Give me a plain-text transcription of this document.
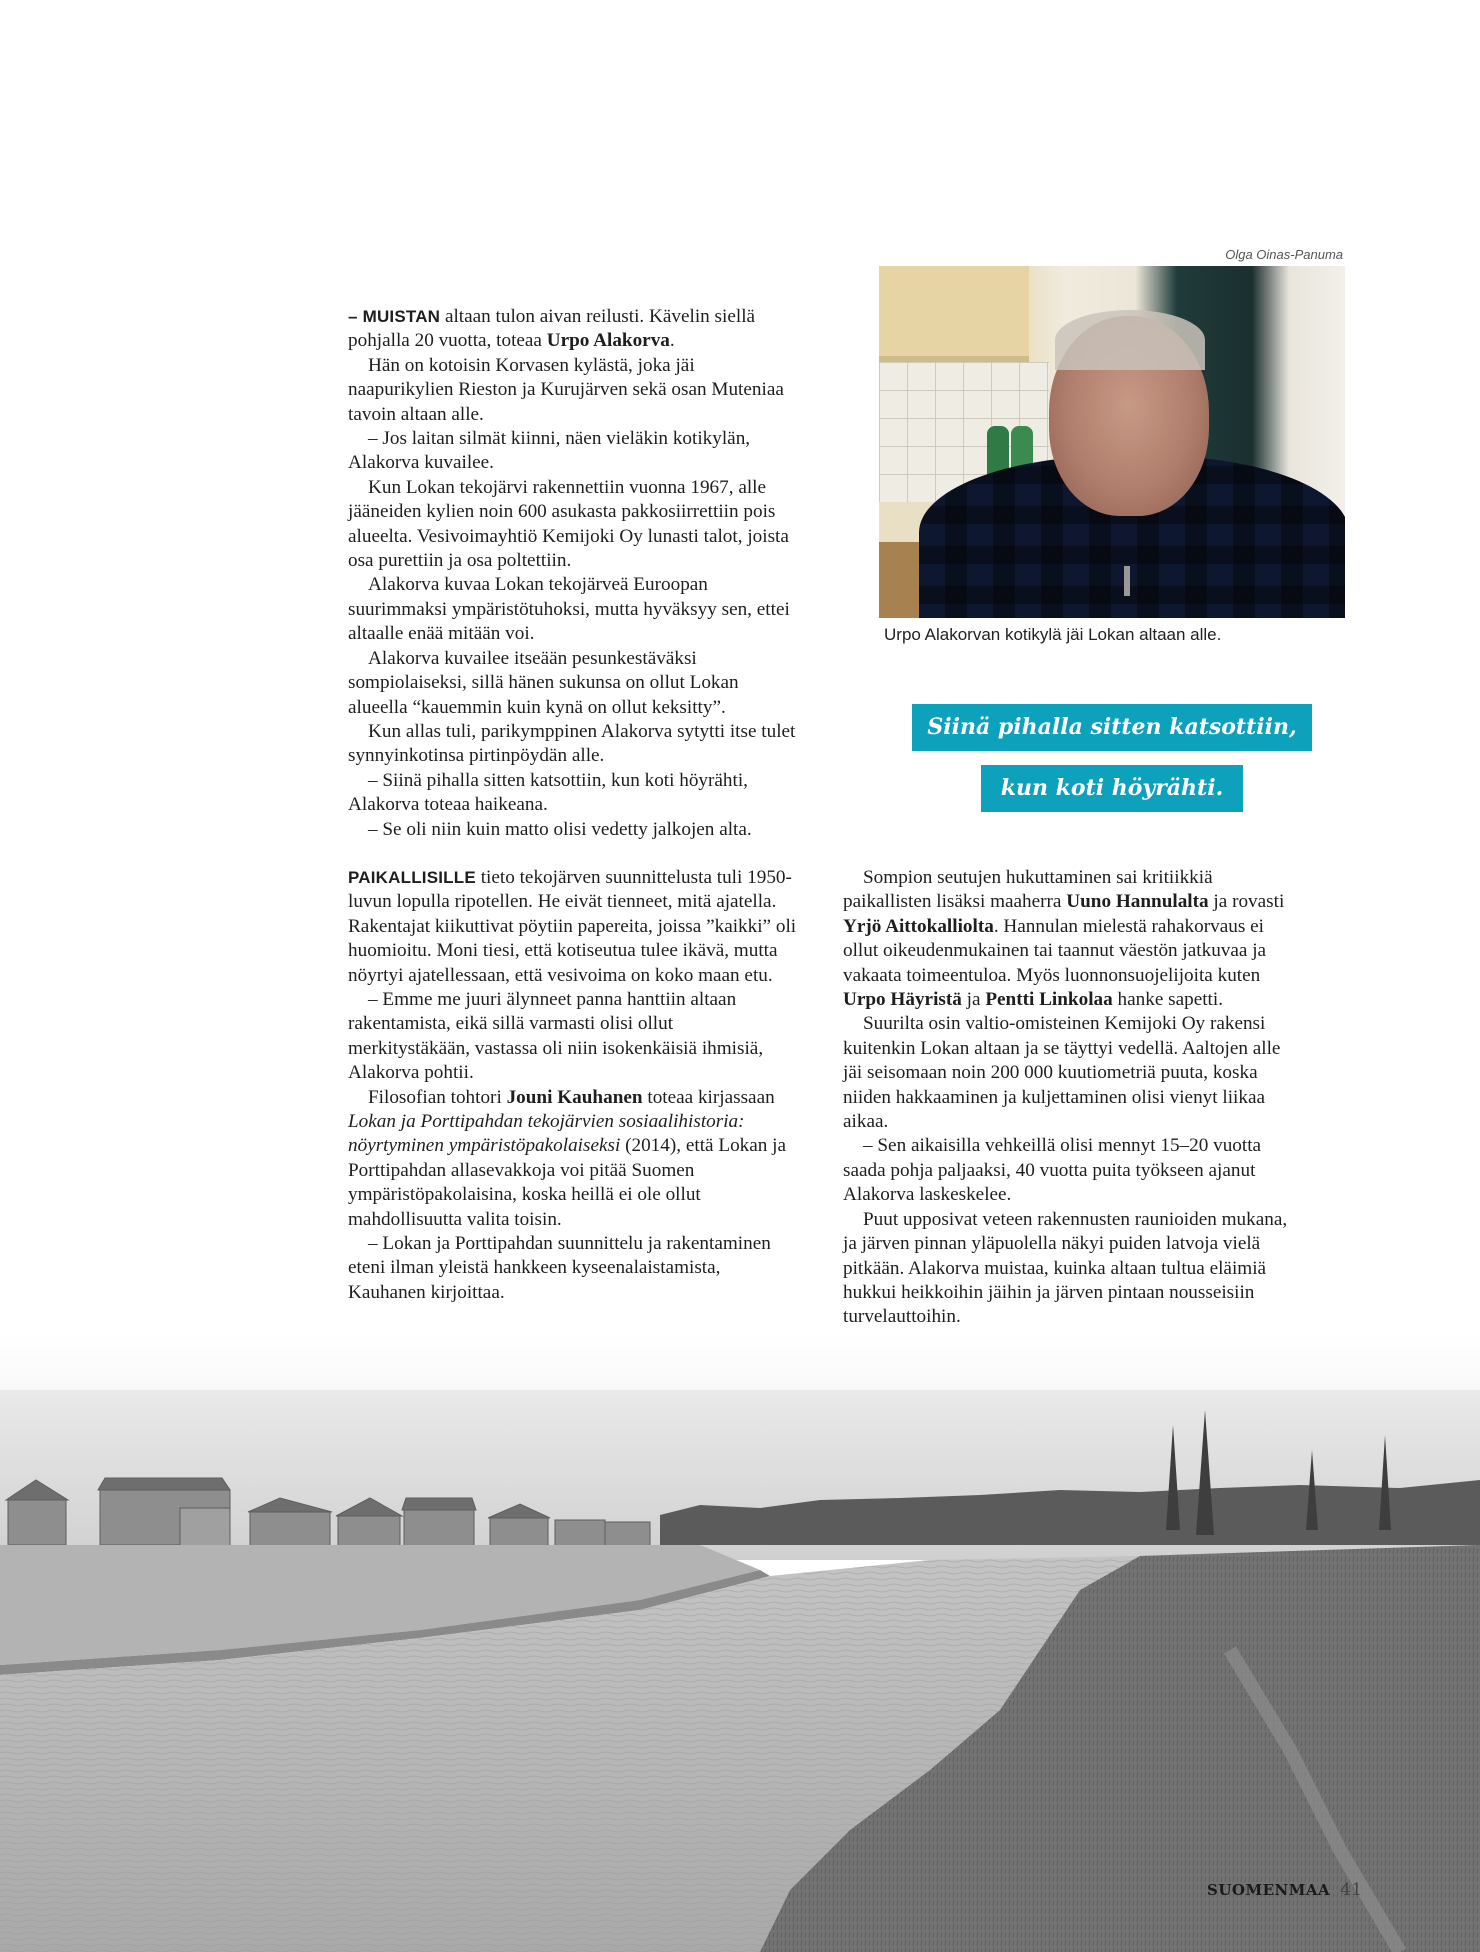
Olga Oinas-Panuma
Urpo Alakorvan kotikylä jäi Lokan altaan alle.
Siinä pihalla sitten katsottiin,
kun koti höyrähti.

– MUISTAN altaan tulon aivan reilusti. Kävelin siellä pohjalla 20 vuotta, toteaa Urpo Alakorva.

Hän on kotoisin Korvasen kylästä, joka jäi naapurikylien Rieston ja Kurujärven sekä osan Muteniaa tavoin altaan alle.

– Jos laitan silmät kiinni, näen vieläkin kotikylän, Alakorva kuvailee.

Kun Lokan tekojärvi rakennettiin vuonna 1967, alle jääneiden kylien noin 600 asukasta pakkosiirrettiin pois alueelta. Vesivoimayhtiö Kemijoki Oy lunasti talot, joista osa purettiin ja osa poltettiin.

Alakorva kuvaa Lokan tekojärveä Euroopan suurimmaksi ympäristötuhoksi, mutta hyväksyy sen, ettei altaalle enää mitään voi.

Alakorva kuvailee itseään pesunkestäväksi sompiolaiseksi, sillä hänen sukunsa on ollut Lokan alueella “kauemmin kuin kynä on ollut keksitty”.

Kun allas tuli, parikymppinen Alakorva sytytti itse tulet synnyinkotinsa pirtinpöydän alle.

– Siinä pihalla sitten katsottiin, kun koti höyrähti, Alakorva toteaa haikeana.

– Se oli niin kuin matto olisi vedetty jalkojen alta.

PAIKALLISILLE tieto tekojärven suunnittelusta tuli 1950-luvun lopulla ripotellen. He eivät tienneet, mitä ajatella. Rakentajat kiikuttivat pöytiin papereita, joissa ”kaikki” oli huomioitu. Moni tiesi, että kotiseutua tulee ikävä, mutta nöyrtyi ajatellessaan, että vesivoima on koko maan etu.

– Emme me juuri älynneet panna hanttiin altaan rakentamista, eikä sillä varmasti olisi ollut merkitystäkään, vastassa oli niin isokenkäisiä ihmisiä, Alakorva pohtii.

Filosofian tohtori Jouni Kauhanen toteaa kirjassaan Lokan ja Porttipahdan tekojärvien sosiaalihistoria: nöyrtyminen ympäristöpakolaiseksi (2014), että Lokan ja Porttipahdan allasevakkoja voi pitää Suomen ympäristöpakolaisina, koska heillä ei ole ollut mahdollisuutta valita toisin.

– Lokan ja Porttipahdan suunnittelu ja rakentaminen eteni ilman yleistä hankkeen kyseenalaistamista, Kauhanen kirjoittaa.

Sompion seutujen hukuttaminen sai kritiikkiä paikallisten lisäksi maaherra Uuno Hannulalta ja rovasti Yrjö Aittokalliolta. Hannulan mielestä rahakorvaus ei ollut oikeudenmukainen tai taannut väestön jatkuvaa ja vakaata toimeentuloa. Myös luonnonsuojelijoita kuten Urpo Häyristä ja Pentti Linkolaa hanke sapetti.

Suurilta osin valtio-omisteinen Kemijoki Oy rakensi kuitenkin Lokan altaan ja se täyttyi vedellä. Aaltojen alle jäi seisomaan noin 200 000 kuutiometriä puuta, koska niiden hakkaaminen ja kuljettaminen olisi vienyt liikaa aikaa.

– Sen aikaisilla vehkeillä olisi mennyt 15–20 vuotta saada pohja paljaaksi, 40 vuotta puita työkseen ajanut Alakorva laskeskelee.

Puut upposivat veteen rakennusten raunioiden mukana, ja järven pinnan yläpuolella näkyi puiden latvoja vielä pitkään. Alakorva muistaa, kuinka altaan tultua eläimiä hukkui heikkoihin jäihin ja järven pintaan nousseisiin turvelauttoihin.

SUOMENMAA 41
